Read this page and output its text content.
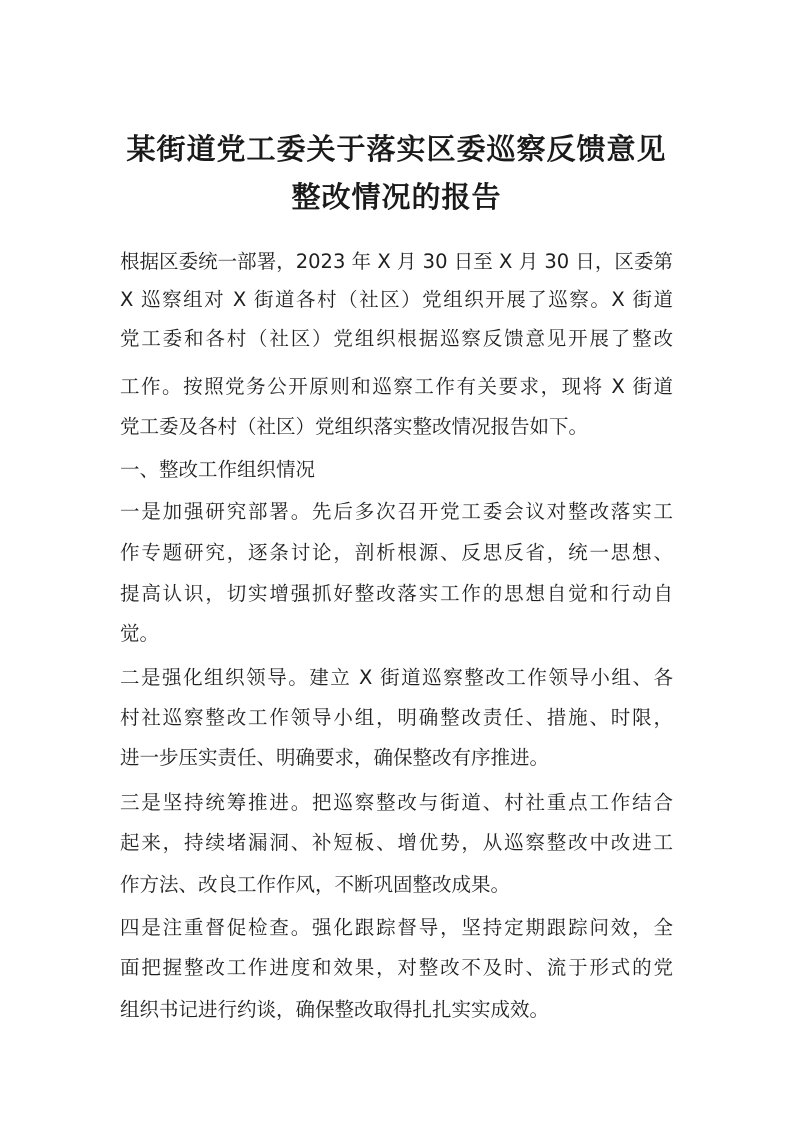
某街道党工委关于落实区委巡察反馈意见
整改情况的报告
根据区委统一部署，2023 年 X 月 30 日至 X 月 30 日，区委第
X 巡察组对 X 街道各村（社区）党组织开展了巡察。X 街道
党工委和各村（社区）党组织根据巡察反馈意见开展了整改
工作。按照党务公开原则和巡察工作有关要求，现将 X 街道
党工委及各村（社区）党组织落实整改情况报告如下。
一、整改工作组织情况
一是加强研究部署。先后多次召开党工委会议对整改落实工
作专题研究，逐条讨论，剖析根源、反思反省，统一思想、
提高认识，切实增强抓好整改落实工作的思想自觉和行动自
觉。
二是强化组织领导。建立 X 街道巡察整改工作领导小组、各
村社巡察整改工作领导小组，明确整改责任、措施、时限，
进一步压实责任、明确要求，确保整改有序推进。
三是坚持统筹推进。把巡察整改与街道、村社重点工作结合
起来，持续堵漏洞、补短板、增优势，从巡察整改中改进工
作方法、改良工作作风，不断巩固整改成果。
四是注重督促检查。强化跟踪督导，坚持定期跟踪问效，全
面把握整改工作进度和效果，对整改不及时、流于形式的党
组织书记进行约谈，确保整改取得扎扎实实成效。
